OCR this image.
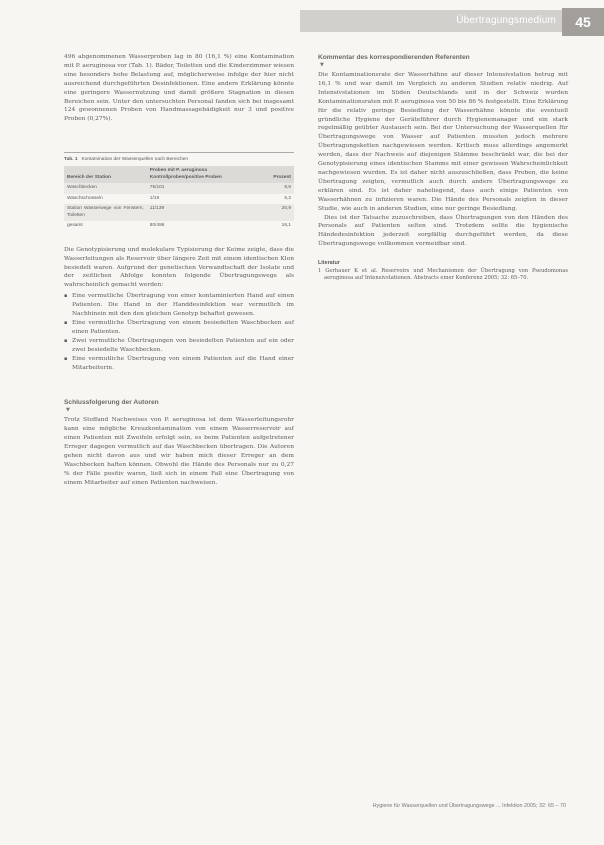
Übertragungsmedium	45

496 abgenommenen Wasserproben lag in 80 (16,1 %) eine Kontamination mit P. aeruginosa vor (Tab. 1). Bäder, Toiletten und die Kinderzimmer wiesen eine besonders hohe Belastung auf, möglicherweise infolge der hier nicht ausreichend durchgeführten Desinfektionen. Eine andere Erklärung könnte eine geringere Wassernutzung und damit größere Stagnation in diesen Bereichen sein. Unter den untersuchten Personal fanden sich bei insgesamt 124 gewonnenen Proben von Handmassagebädigkeit nur 3 und positive Proben (0,27%).

Tab. 1 Kontamination der Wasserquellen nach Bereichen
Bereich der Station	Proben mit P. aeruginosa Kontrollproben/positive Proben	Prozent
Waschbecken	75/101	8,6
Waschschüsseln	1/19	5,2
Station Wasserwege von Fenstern, Toiletten	11/139	20,9
gesamt	80/496	16,1

Die Genotypisierung und molekulare Typisierung der Keime zeigte, dass die Wasserleitungen als Reservoir über längere Zeit mit einem identischen Klon besiedelt waren. Aufgrund der genetischen Verwandtschaft der Isolate und der zeitlichen Abfolge konnten folgende Übertragungswege als wahrscheinlich gemacht werden:

▪ Eine vermutliche Übertragung von einer kontaminierten Hand auf einen Patienten. Die Hand in der Handdesinfektion war vermutlich im Nachhinein mit den den gleichen Genotyp behaftet gewesen.
▪ Eine vermutliche Übertragung von einem besiedelten Waschbecken auf einen Patienten.
▪ Zwei vermutliche Übertragungen von besiedelten Patienten auf ein oder zwei besiedelte Waschbecken.
▪ Eine vermutliche Übertragung von einem Patienten auf die Hand einer Mitarbeiterin.
Schlussfolgerung der Autoren
▼

Trotz Stoffand Nachweises von P. aeruginosa ist dem Wasserleitungsrohr kann eine mögliche Kreuzkontamination von einem Wasserreservoir auf einen Patienten mit Zweifeln erfolgt sein, es beim Patienten aufgetretener Erreger dagegen vermutlich auf das Waschbecken übertragen. Die Autoren gehen nicht davon aus und wir haben mich dieser Erreger an dem Waschbecken haften können. Obwohl die Hände des Personals nur zu 0,27 % der Fälle positiv waren, ließ sich in einem Fall eine Übertragung von einem Mitarbeiter auf einen Patienten nachweisen.

Kommentar des korrespondierenden Referenten
▼

Die Kontaminationsrate der Wasserhähne auf dieser Intensivstation betrug mit 16,1 % und war damit im Vergleich zu anderen Studien relativ niedrig. Auf Intensivstationen im Süden Deutschlands und in der Schweiz wurden Kontaminationsraten mit P. aeruginosa von 50 bis 86 % festgestellt. Eine Erklärung für die relativ geringe Besiedlung der Wasserhähne könnte die eventuell gründliche Hygiene der Geräteführer durch Hygienemanager und ein stark regelmäßig geübter Austausch sein. Bei der Untersuchung der Wasserquellen für Übertragungswege von Wasser auf Patienten mussten jedoch mehrere Übertragungsketten nachgewiesen werden. Kritisch muss allerdings angemerkt werden, dass der Nachweis auf diejenigen Stämme beschränkt war, die bei der Genotypisierung eines identischen Stamms mit einer gewissen Wahrscheinlichkeit nachgewiesen wurden. Es ist daher nicht auszuschließen, dass Proben, die keine Übertragung zeigten, vermutlich auch durch andere Übertragungswege zu erklären sind. Es ist daher naheliegend, dass auch einige Patienten von Wasserhähnen zu infizieren waren. Die Hände des Personals zeigten in dieser Studie, wie auch in anderen Studien, eine nur geringe Besiedlung.

Dies ist der Tatsache zuzuschreiben, dass Übertragungen von den Händen des Personals auf Patienten selten sind. Trotzdem sollte die hygienische Händedesinfektion jederzeit sorgfältig durchgeführt werden, da diese Übertragungswege vollkommen vermeidbar sind.

Literatur
1 Gerhauer K et al. Reservoirs und Mechanismen der Übertragung von Pseudomonas aeruginosa auf Intensivstationen. Abstracts einer Konferenz 2005; 32: 65–70.
Hygiene für Wasserquellen und Übertragungswege ... Infektion 2005; 32: 65 – 70
